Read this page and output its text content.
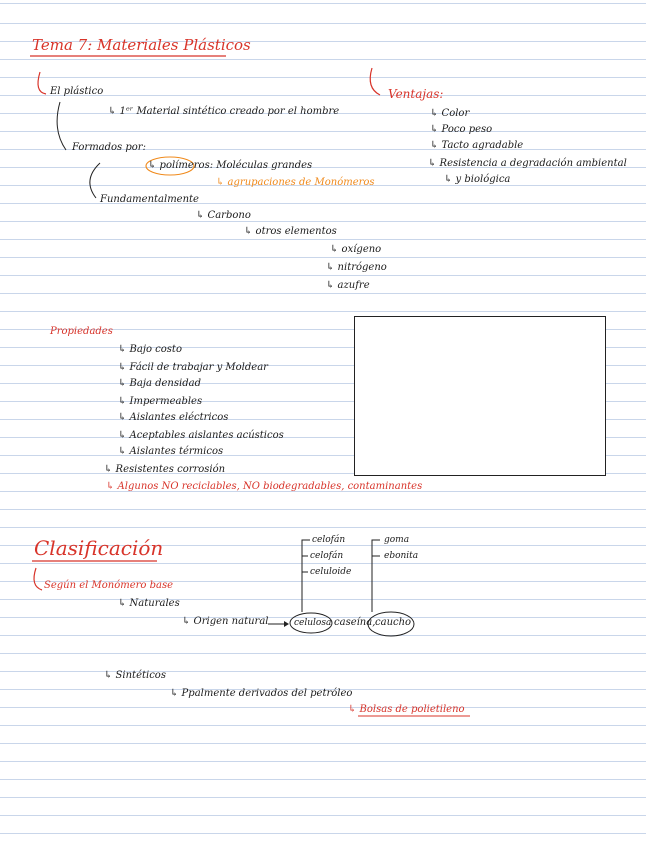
Tema 7: Materiales Plásticos
El plástico
↳ 1ᵉʳ Material sintético creado por el hombre
Formados por:
↳ polímeros: Moléculas grandes
↳ agrupaciones de Monómeros
Fundamentalmente
↳ Carbono
↳ otros elementos
↳ oxígeno
↳ nitrógeno
↳ azufre
Ventajas:
↳ Color
↳ Poco peso
↳ Tacto agradable
↳ Resistencia a degradación ambiental
↳ y biológica
Propiedades
↳ Bajo costo
↳ Fácil de trabajar y Moldear
↳ Baja densidad
↳ Impermeables
↳ Aislantes eléctricos
↳ Aceptables aislantes acústicos
↳ Aislantes térmicos
↳ Resistentes corrosión
↳ Algunos NO reciclables, NO biodegradables, contaminantes
Clasificación
Según el Monómero base
↳ Naturales
↳ Origen natural	celulosa caseína, caucho
celofán
celofán
celuloide
goma
ebonita
↳ Sintéticos
↳ Ppalmente derivados del petróleo
↳ Bolsas de polietileno
